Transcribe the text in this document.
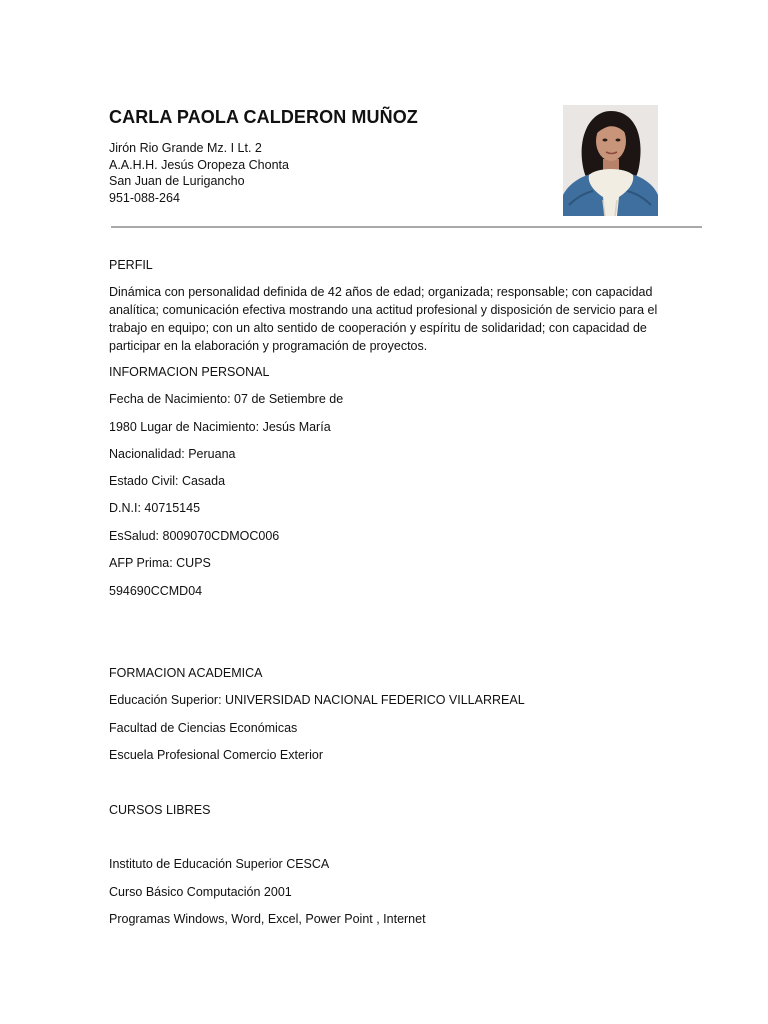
CARLA PAOLA CALDERON MUÑOZ
Jirón Rio Grande Mz. I Lt. 2
A.A.H.H. Jesús Oropeza Chonta
San Juan de Lurigancho
951-088-264
PERFIL

Dinámica con personalidad definida de 42 años de edad; organizada; responsable; con capacidad analítica; comunicación efectiva mostrando una actitud profesional y disposición de servicio para el trabajo en equipo; con un alto sentido de cooperación y espíritu de solidaridad; con capacidad de participar en la elaboración y programación de proyectos.

INFORMACION PERSONAL
Fecha de Nacimiento: 07 de Setiembre de
1980 Lugar de Nacimiento: Jesús María
Nacionalidad: Peruana
Estado Civil: Casada
D.N.I: 40715145
EsSalud: 8009070CDMOC006
AFP Prima: CUPS
594690CCMD04
FORMACION ACADEMICA
Educación Superior: UNIVERSIDAD NACIONAL FEDERICO VILLARREAL
Facultad de Ciencias Económicas
Escuela Profesional Comercio Exterior
CURSOS LIBRES
Instituto de Educación Superior CESCA
Curso Básico Computación 2001
Programas Windows, Word, Excel, Power Point , Internet
